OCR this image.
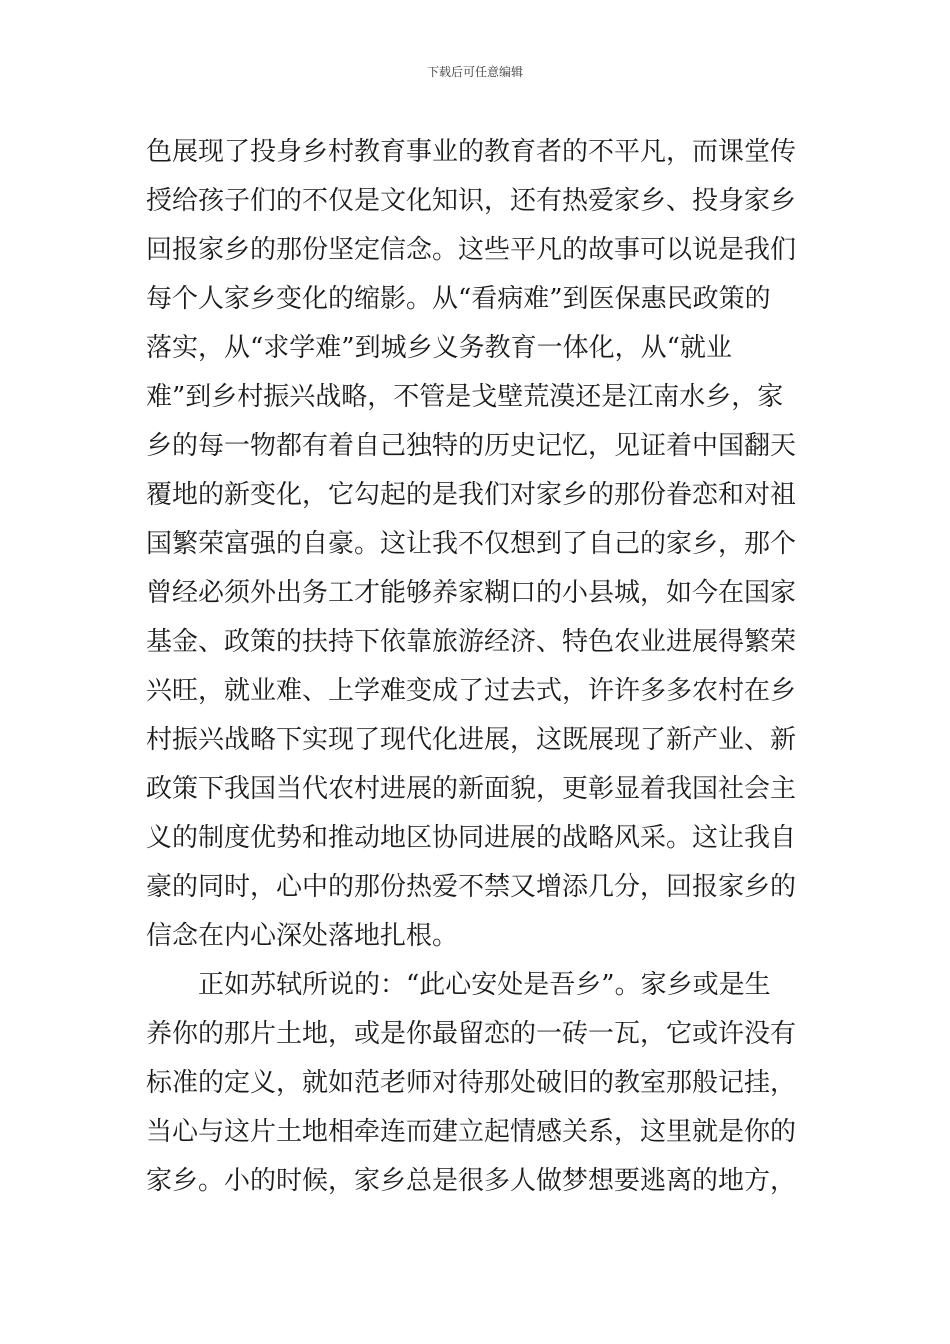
下载后可任意编辑
色展现了投身乡村教育事业的教育者的不平凡，而课堂传
授给孩子们的不仅是文化知识，还有热爱家乡、投身家乡
回报家乡的那份坚定信念。这些平凡的故事可以说是我们
每个人家乡变化的缩影。从“看病难”到医保惠民政策的
落实，从“求学难”到城乡义务教育一体化，从“就业
难”到乡村振兴战略，不管是戈壁荒漠还是江南水乡，家
乡的每一物都有着自己独特的历史记忆，见证着中国翻天
覆地的新变化，它勾起的是我们对家乡的那份眷恋和对祖
国繁荣富强的自豪。这让我不仅想到了自己的家乡，那个
曾经必须外出务工才能够养家糊口的小县城，如今在国家
基金、政策的扶持下依靠旅游经济、特色农业进展得繁荣
兴旺，就业难、上学难变成了过去式，许许多多农村在乡
村振兴战略下实现了现代化进展，这既展现了新产业、新
政策下我国当代农村进展的新面貌，更彰显着我国社会主
义的制度优势和推动地区协同进展的战略风采。这让我自
豪的同时，心中的那份热爱不禁又增添几分，回报家乡的
信念在内心深处落地扎根。
　　正如苏轼所说的：“此心安处是吾乡”。家乡或是生
养你的那片土地，或是你最留恋的一砖一瓦，它或许没有
标准的定义，就如范老师对待那处破旧的教室那般记挂，
当心与这片土地相牵连而建立起情感关系，这里就是你的
家乡。小的时候，家乡总是很多人做梦想要逃离的地方，
